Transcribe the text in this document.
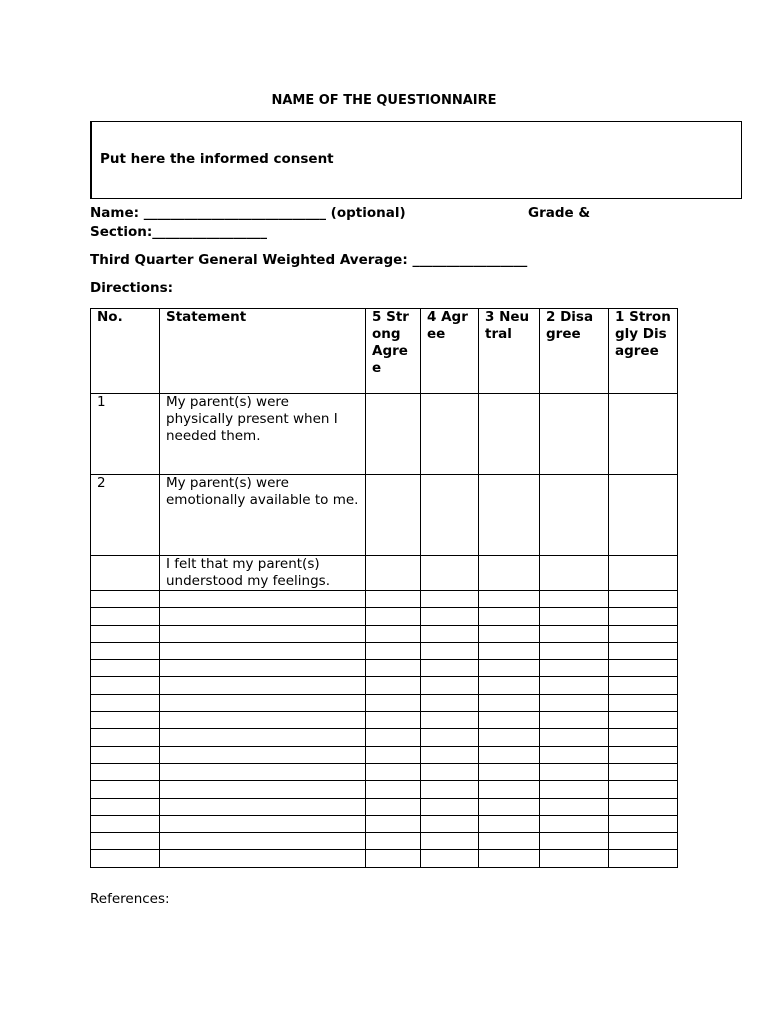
NAME OF THE QUESTIONNAIRE
Put here the informed consent
Name: ___________________________ (optional)	Grade &
Section:_________________
Third Quarter General Weighted Average: _________________
Directions:
No.	Statement	5 Strong Agree	4 Agree	3 Neutral	2 Disagree	1 Strongly Disagree
1	My parent(s) were physically present when I needed them.					
2	My parent(s) were emotionally available to me.					
	I felt that my parent(s) understood my feelings.					

References:
